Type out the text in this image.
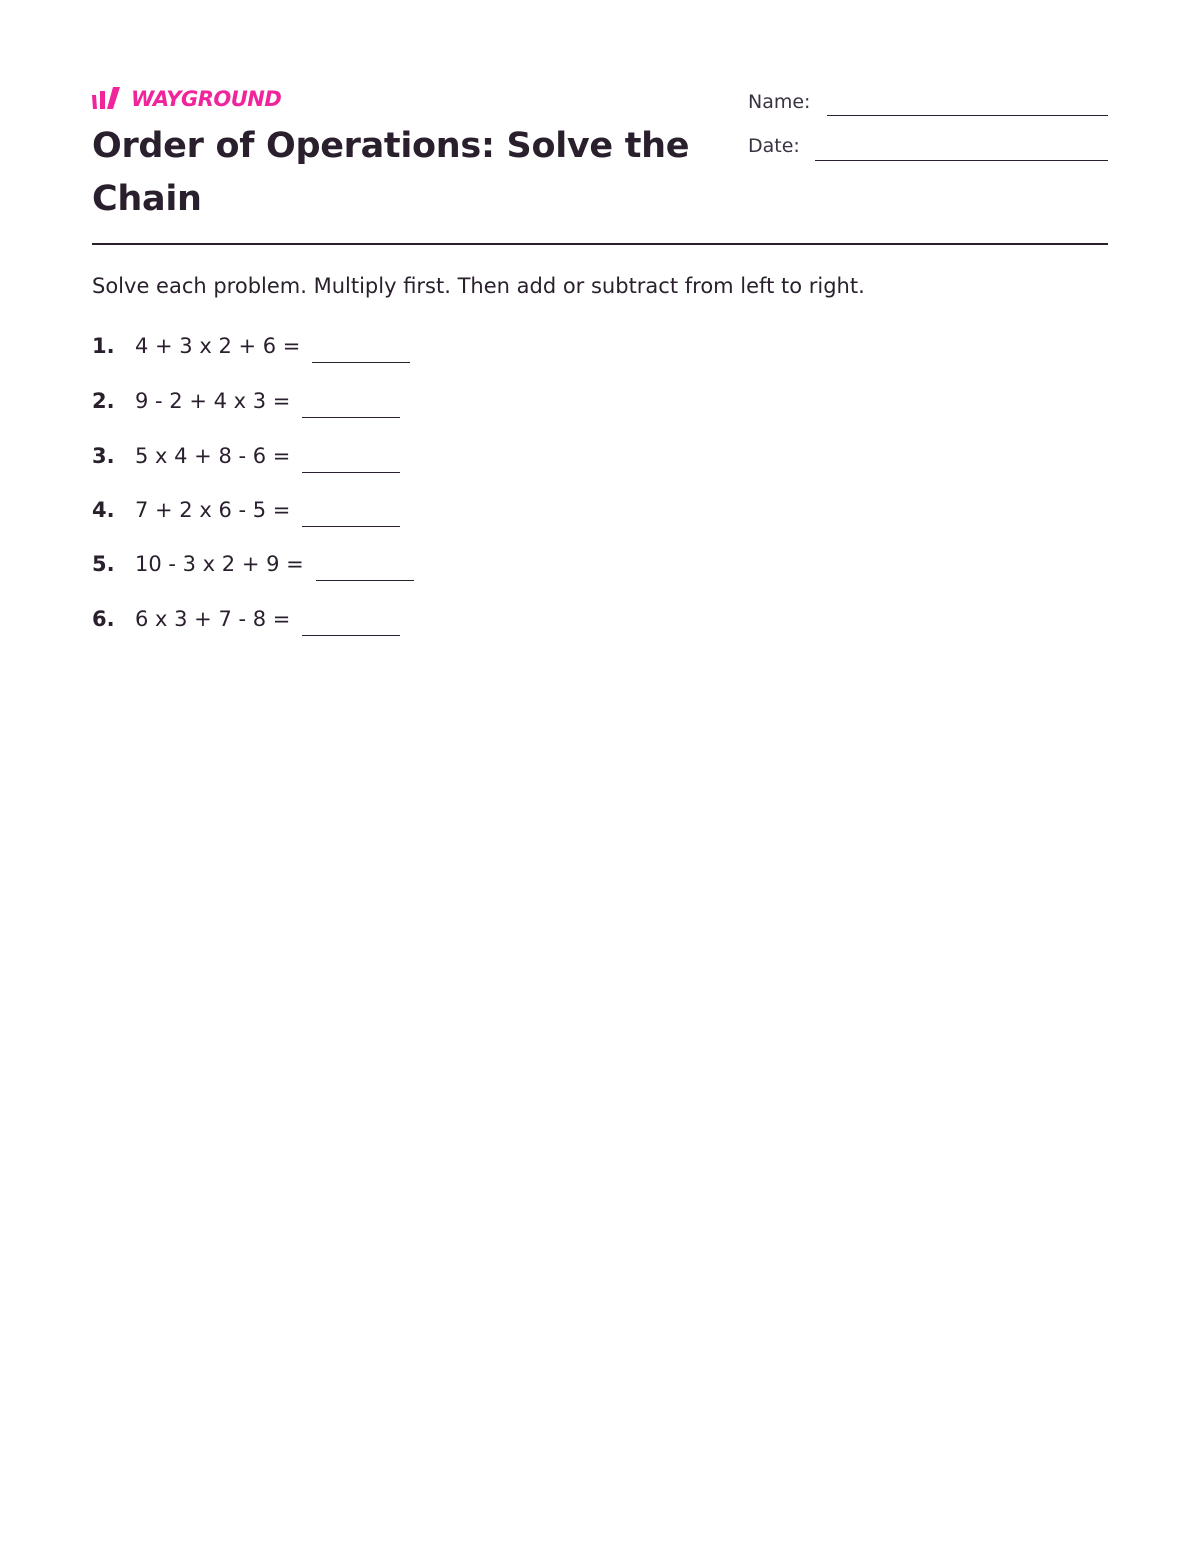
WAYGROUND
Order of Operations: Solve the Chain
Name:
Date:

Solve each problem. Multiply first. Then add or subtract from left to right.

1. 4 + 3 x 2 + 6 =
2. 9 - 2 + 4 x 3 =
3. 5 x 4 + 8 - 6 =
4. 7 + 2 x 6 - 5 =
5. 10 - 3 x 2 + 9 =
6. 6 x 3 + 7 - 8 =
